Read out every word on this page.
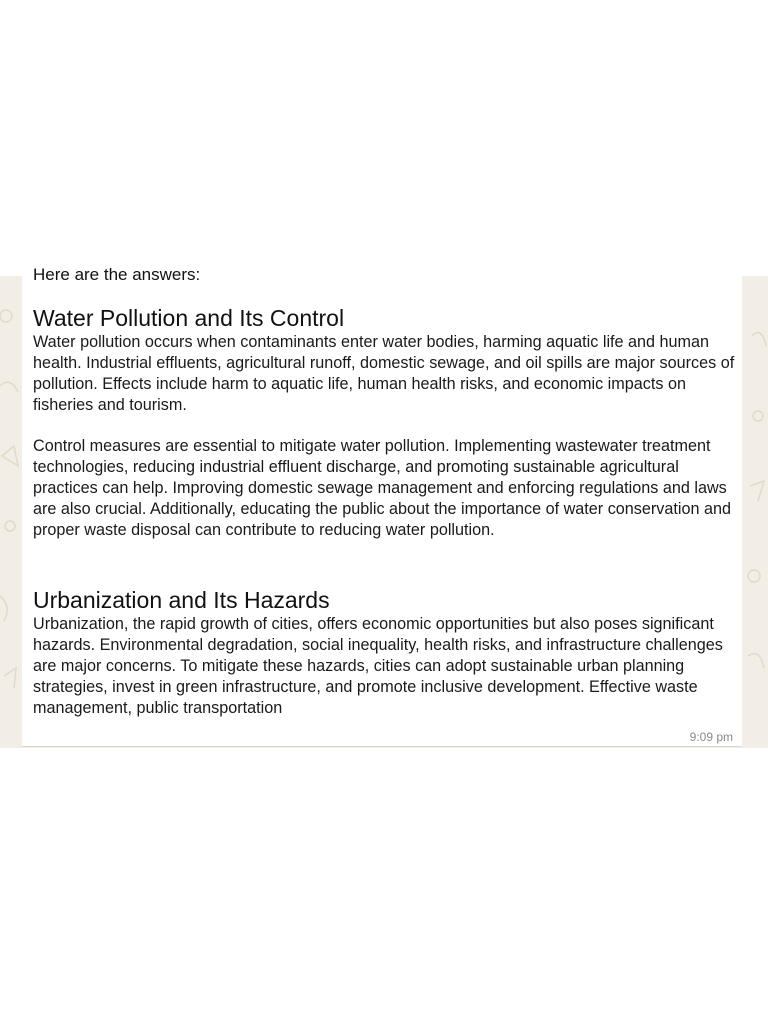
Here are the answers:

Water Pollution and Its Control

Water pollution occurs when contaminants enter water bodies, harming aquatic life and human health. Industrial effluents, agricultural runoff, domestic sewage, and oil spills are major sources of pollution. Effects include harm to aquatic life, human health risks, and economic impacts on fisheries and tourism.

Control measures are essential to mitigate water pollution. Implementing wastewater treatment technologies, reducing industrial effluent discharge, and promoting sustainable agricultural practices can help. Improving domestic sewage management and enforcing regulations and laws are also crucial. Additionally, educating the public about the importance of water conservation and proper waste disposal can contribute to reducing water pollution.

Urbanization and Its Hazards

Urbanization, the rapid growth of cities, offers economic opportunities but also poses significant hazards. Environmental degradation, social inequality, health risks, and infrastructure challenges are major concerns. To mitigate these hazards, cities can adopt sustainable urban planning strategies, invest in green infrastructure, and promote inclusive development. Effective waste management, public transportation

9:09 pm
